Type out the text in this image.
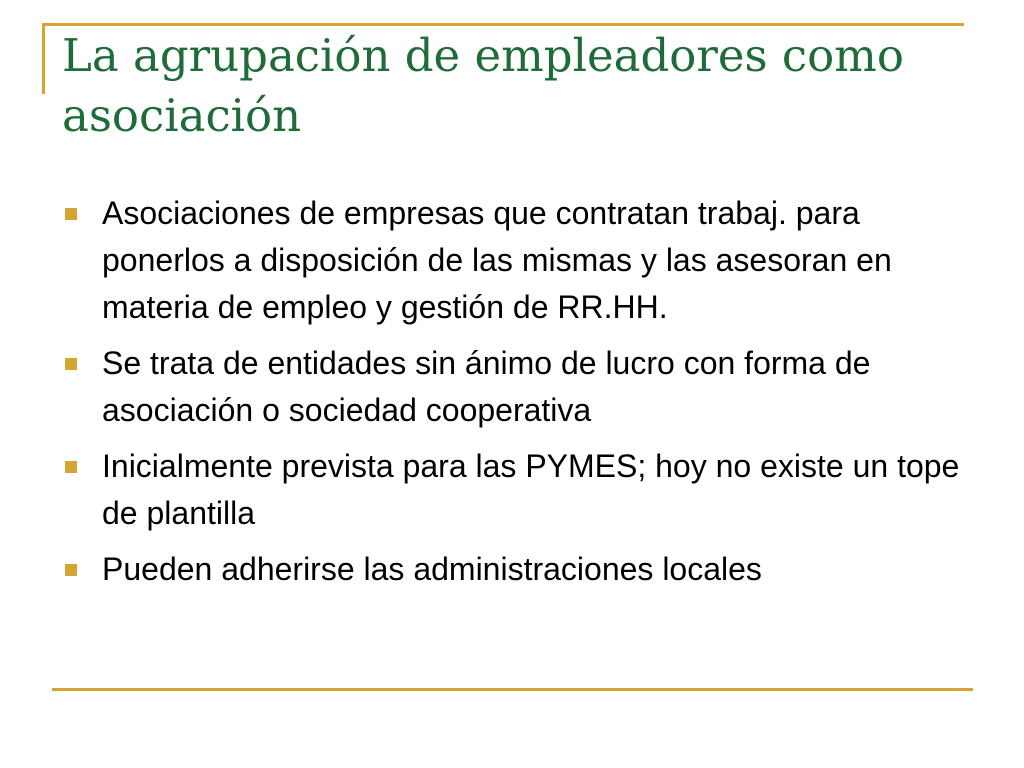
La agrupación de empleadores como asociación
Asociaciones de empresas que contratan trabaj. para ponerlos a disposición de las mismas y las asesoran en materia de empleo y gestión de RR.HH.
Se trata de entidades sin ánimo de lucro con forma de asociación o sociedad cooperativa
Inicialmente prevista para las PYMES; hoy no existe un tope de plantilla
Pueden adherirse las administraciones locales
